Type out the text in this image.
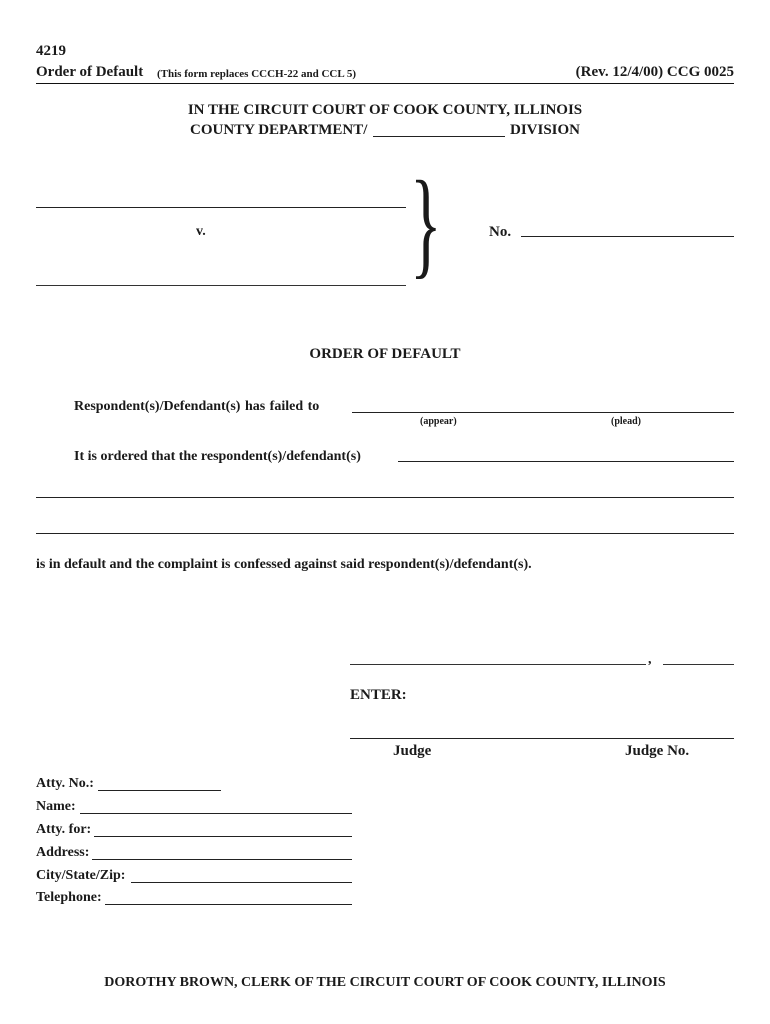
4219
Order of Default (This form replaces CCCH-22 and CCL 5)	(Rev. 12/4/00) CCG 0025
IN THE CIRCUIT COURT OF COOK COUNTY, ILLINOIS
COUNTY DEPARTMENT/	DIVISION
v. }	No.
ORDER OF DEFAULT
Respondent(s)/Defendant(s) has failed to
(appear)	(plead)
It is ordered that the respondent(s)/defendant(s)
is in default and the complaint is confessed against said respondent(s)/defendant(s).
,
ENTER:
Judge	Judge No.
Atty. No.:
Name:
Atty. for:
Address:
City/State/Zip:
Telephone:
DOROTHY BROWN, CLERK OF THE CIRCUIT COURT OF COOK COUNTY, ILLINOIS
